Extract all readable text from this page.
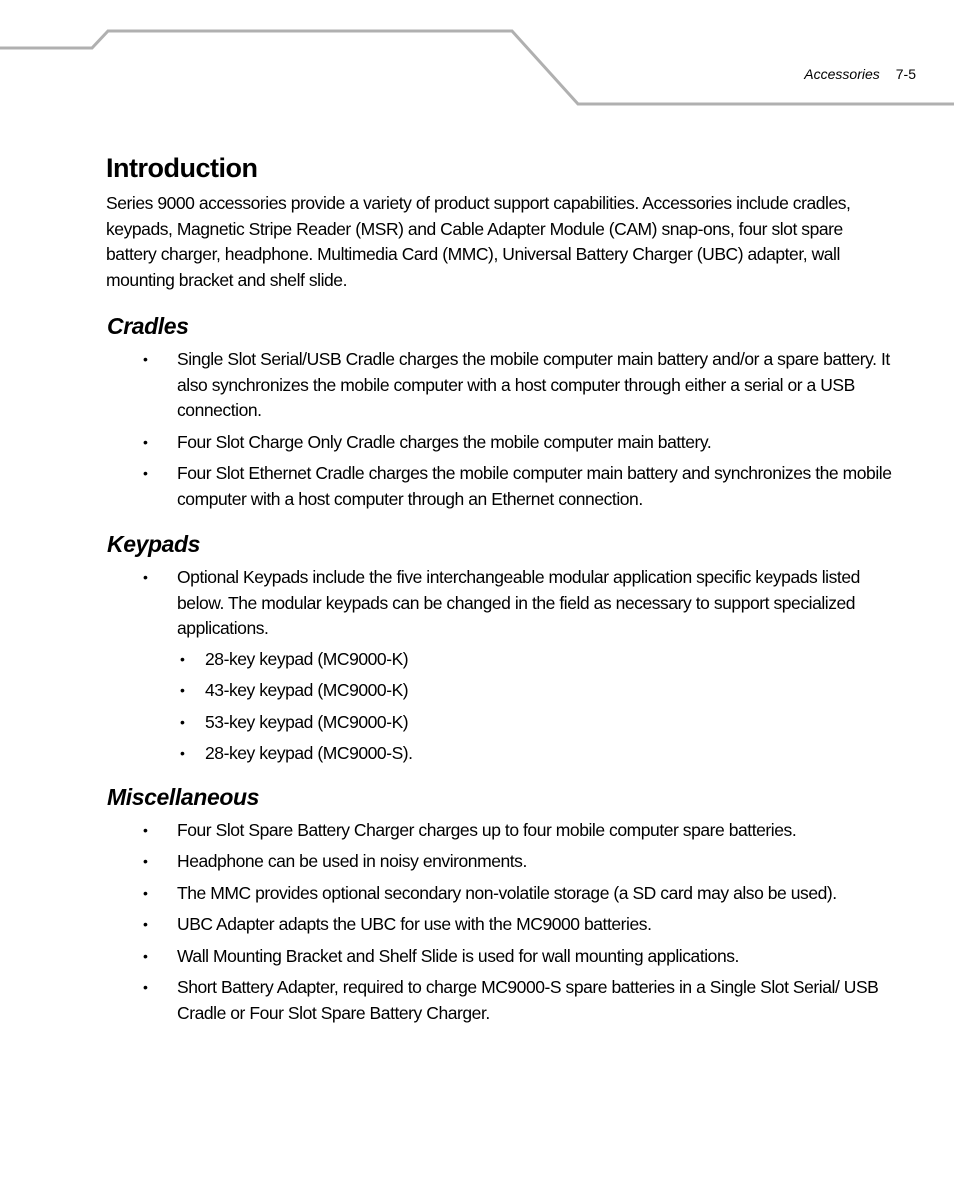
Accessories 7-5
Introduction

Series 9000 accessories provide a variety of product support capabilities. Accessories include cradles, keypads, Magnetic Stripe Reader (MSR) and Cable Adapter Module (CAM) snap-ons, four slot spare battery charger, headphone. Multimedia Card (MMC), Universal Battery Charger (UBC) adapter, wall mounting bracket and shelf slide.

Cradles
• Single Slot Serial/USB Cradle charges the mobile computer main battery and/or a spare battery. It also synchronizes the mobile computer with a host computer through either a serial or a USB connection.
• Four Slot Charge Only Cradle charges the mobile computer main battery.
• Four Slot Ethernet Cradle charges the mobile computer main battery and synchronizes the mobile computer with a host computer through an Ethernet connection.
Keypads
• Optional Keypads include the five interchangeable modular application specific keypads listed below. The modular keypads can be changed in the field as necessary to support specialized applications.
• 28-key keypad (MC9000-K)
• 43-key keypad (MC9000-K)
• 53-key keypad (MC9000-K)
• 28-key keypad (MC9000-S).
Miscellaneous
• Four Slot Spare Battery Charger charges up to four mobile computer spare batteries.
• Headphone can be used in noisy environments.
• The MMC provides optional secondary non-volatile storage (a SD card may also be used).
• UBC Adapter adapts the UBC for use with the MC9000 batteries.
• Wall Mounting Bracket and Shelf Slide is used for wall mounting applications.
• Short Battery Adapter, required to charge MC9000-S spare batteries in a Single Slot Serial/ USB Cradle or Four Slot Spare Battery Charger.
